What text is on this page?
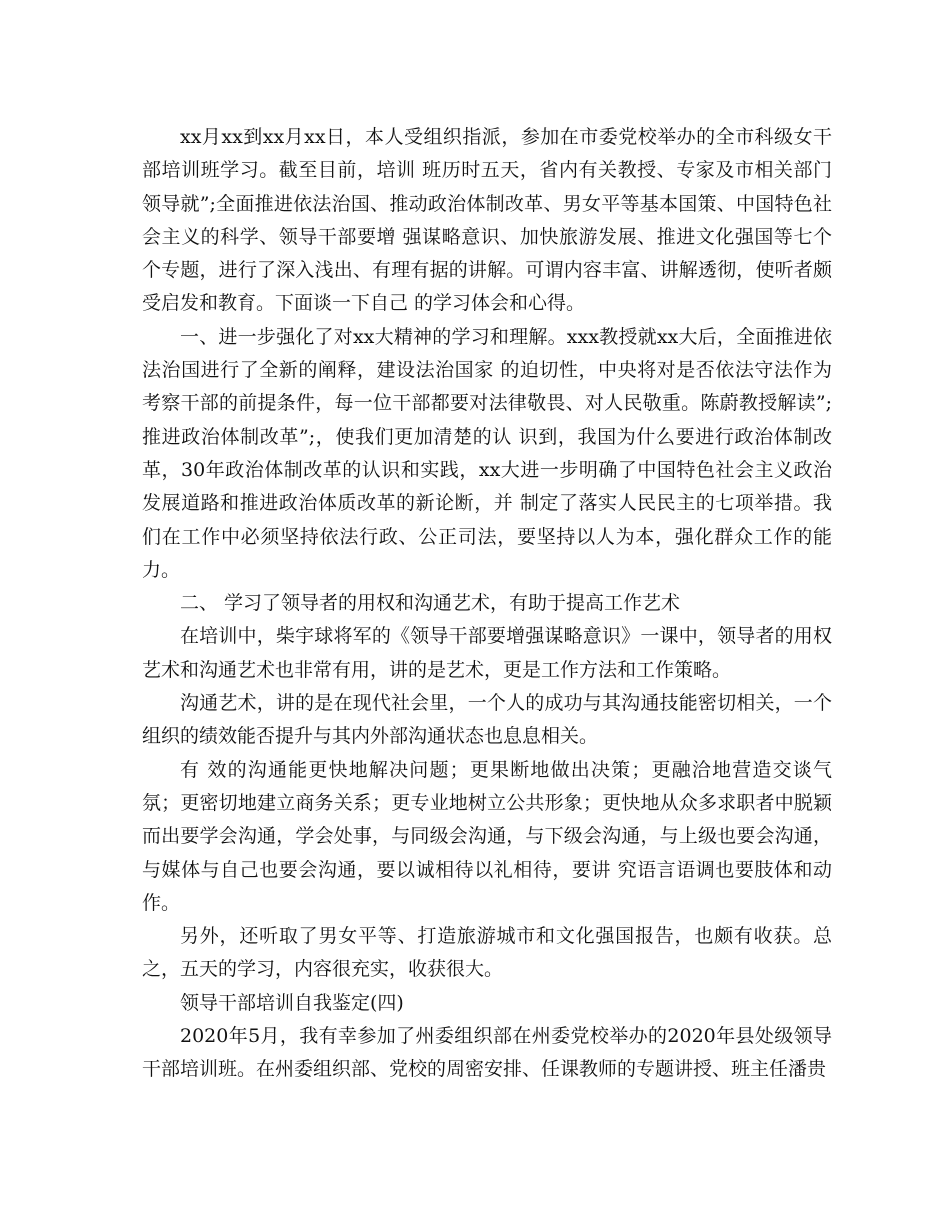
xx月xx到xx月xx日，本人受组织指派，参加在市委党校举办的全市科级女干部培训班学习。截至目前，培训 班历时五天，省内有关教授、专家及市相关部门领导就”;全面推进依法治国、推动政治体制改革、男女平等基本国策、中国特色社会主义的科学、领导干部要增 强谋略意识、加快旅游发展、推进文化强国等七个个专题，进行了深入浅出、有理有据的讲解。可谓内容丰富、讲解透彻，使听者颇受启发和教育。下面谈一下自己 的学习体会和心得。

一、进一步强化了对xx大精神的学习和理解。xxx教授就xx大后，全面推进依法治国进行了全新的阐释，建设法治国家 的迫切性，中央将对是否依法守法作为考察干部的前提条件，每一位干部都要对法律敬畏、对人民敬重。陈蔚教授解读”;推进政治体制改革”;，使我们更加清楚的认 识到，我国为什么要进行政治体制改革，30年政治体制改革的认识和实践，xx大进一步明确了中国特色社会主义政治发展道路和推进政治体质改革的新论断，并 制定了落实人民民主的七项举措。我们在工作中必须坚持依法行政、公正司法，要坚持以人为本，强化群众工作的能力。

二、 学习了领导者的用权和沟通艺术，有助于提高工作艺术

在培训中，柴宇球将军的《领导干部要增强谋略意识》一课中，领导者的用权艺术和沟通艺术也非常有用，讲的是艺术，更是工作方法和工作策略。

沟通艺术，讲的是在现代社会里，一个人的成功与其沟通技能密切相关，一个组织的绩效能否提升与其内外部沟通状态也息息相关。

有 效的沟通能更快地解决问题；更果断地做出决策；更融洽地营造交谈气氛；更密切地建立商务关系；更专业地树立公共形象；更快地从众多求职者中脱颖而出要学会沟通，学会处事，与同级会沟通，与下级会沟通，与上级也要会沟通，与媒体与自己也要会沟通，要以诚相待以礼相待，要讲 究语言语调也要肢体和动作。

另外，还听取了男女平等、打造旅游城市和文化强国报告，也颇有收获。总之，五天的学习，内容很充实，收获很大。

领导干部培训自我鉴定(四)

2020年5月，我有幸参加了州委组织部在州委党校举办的2020年县处级领导干部培训班。在州委组织部、党校的周密安排、任课教师的专题讲授、班主任潘贵
